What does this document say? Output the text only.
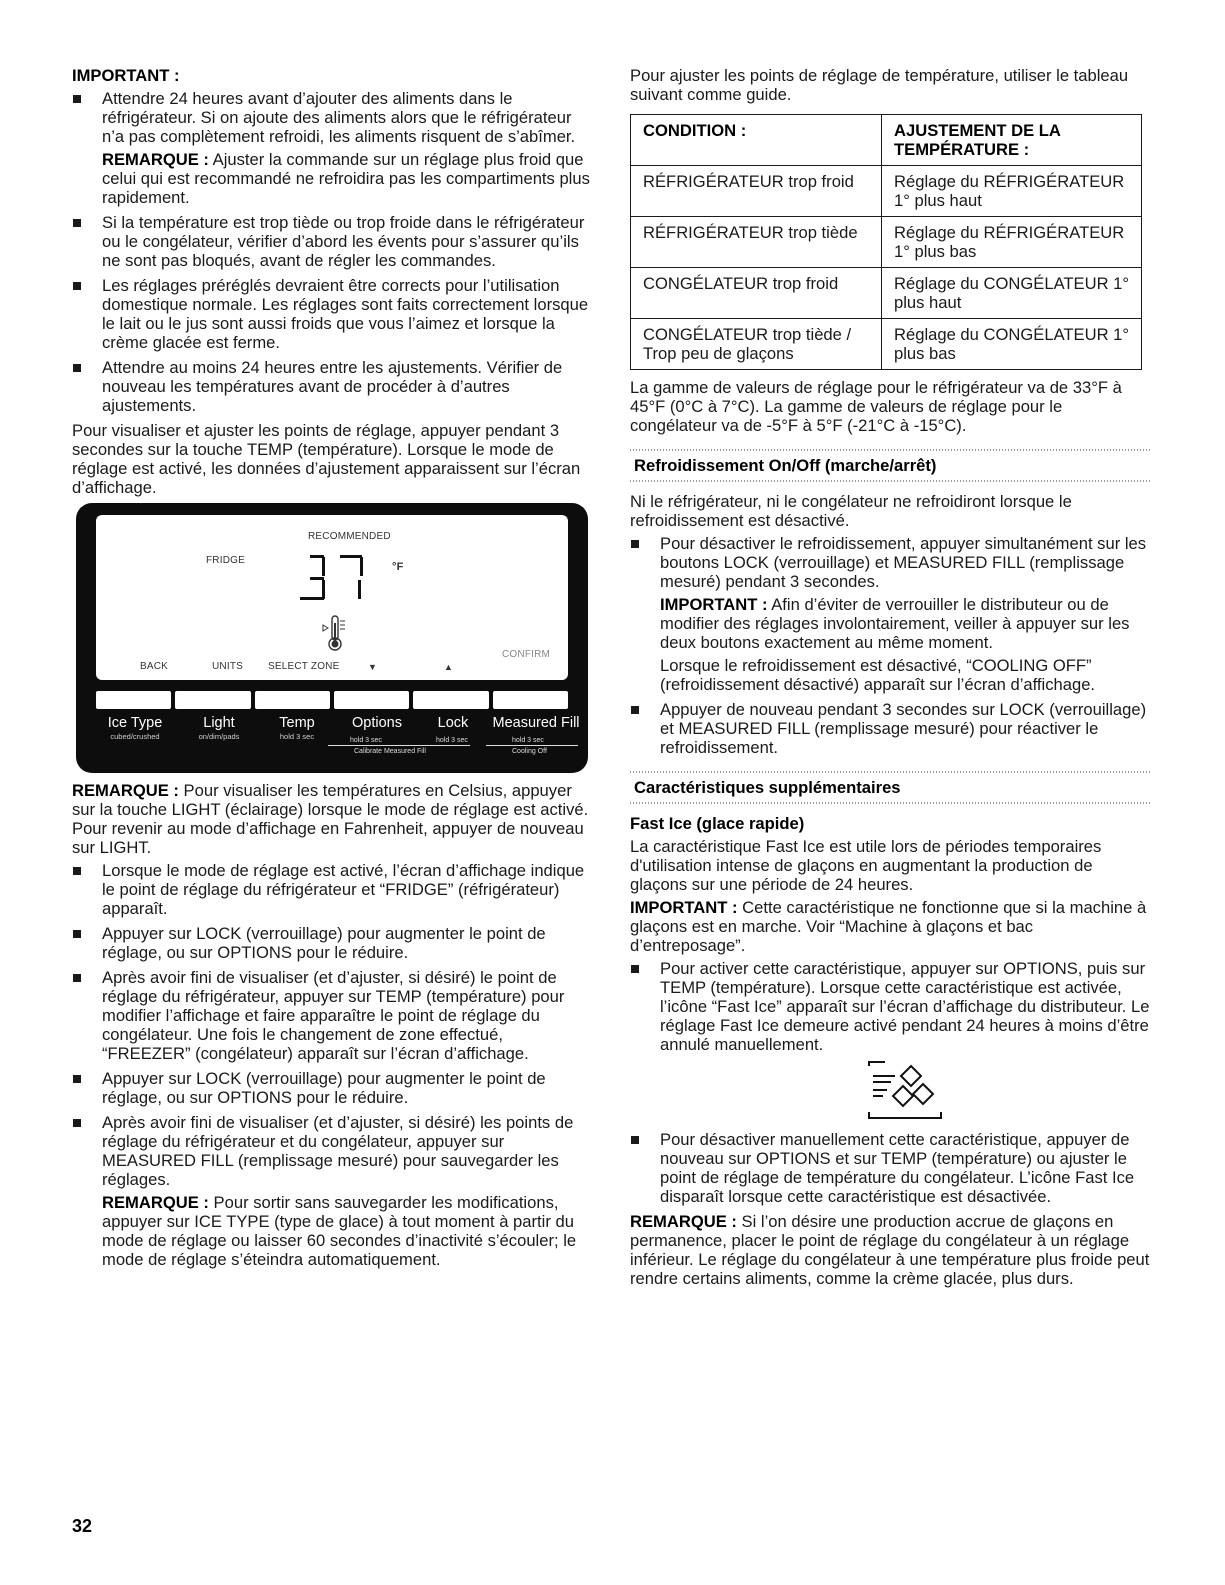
IMPORTANT :

Attendre 24 heures avant d’ajouter des aliments dans le réfrigérateur. Si on ajoute des aliments alors que le réfrigérateur n’a pas complètement refroidi, les aliments risquent de s’abîmer.

REMARQUE : Ajuster la commande sur un réglage plus froid que celui qui est recommandé ne refroidira pas les compartiments plus rapidement.

Si la température est trop tiède ou trop froide dans le réfrigérateur ou le congélateur, vérifier d’abord les évents pour s’assurer qu’ils ne sont pas bloqués, avant de régler les commandes.

Les réglages préréglés devraient être corrects pour l’utilisation domestique normale. Les réglages sont faits correctement lorsque le lait ou le jus sont aussi froids que vous l’aimez et lorsque la crème glacée est ferme.

Attendre au moins 24 heures entre les ajustements. Vérifier de nouveau les températures avant de procéder à d’autres ajustements.

Pour visualiser et ajuster les points de réglage, appuyer pendant 3 secondes sur la touche TEMP (température). Lorsque le mode de réglage est activé, les données d’ajustement apparaissent sur l’écran d’affichage.

RECOMMENDED
FRIDGE
°F
BACK	UNITS	SELECT ZONE	▼	▲
CONFIRM
Ice Type
cubed/crushed
Light
on/dim/pads
Temp
hold 3 sec
Options	Lock	Measured Fill
hold 3 sec	hold 3 sec	hold 3 sec
Calibrate Measured Fill	Cooling Off

REMARQUE : Pour visualiser les températures en Celsius, appuyer sur la touche LIGHT (éclairage) lorsque le mode de réglage est activé. Pour revenir au mode d’affichage en Fahrenheit, appuyer de nouveau sur LIGHT.

Lorsque le mode de réglage est activé, l’écran d’affichage indique le point de réglage du réfrigérateur et “FRIDGE” (réfrigérateur) apparaît.

Appuyer sur LOCK (verrouillage) pour augmenter le point de réglage, ou sur OPTIONS pour le réduire.

Après avoir fini de visualiser (et d’ajuster, si désiré) le point de réglage du réfrigérateur, appuyer sur TEMP (température) pour modifier l’affichage et faire apparaître le point de réglage du congélateur. Une fois le changement de zone effectué, “FREEZER” (congélateur) apparaît sur l’écran d’affichage.

Appuyer sur LOCK (verrouillage) pour augmenter le point de réglage, ou sur OPTIONS pour le réduire.

Après avoir fini de visualiser (et d’ajuster, si désiré) les points de réglage du réfrigérateur et du congélateur, appuyer sur MEASURED FILL (remplissage mesuré) pour sauvegarder les réglages.

REMARQUE : Pour sortir sans sauvegarder les modifications, appuyer sur ICE TYPE (type de glace) à tout moment à partir du mode de réglage ou laisser 60 secondes d’inactivité s’écouler; le mode de réglage s’éteindra automatiquement.

Pour ajuster les points de réglage de température, utiliser le tableau suivant comme guide.

CONDITION :	AJUSTEMENT DE LA TEMPÉRATURE :
RÉFRIGÉRATEUR trop froid	Réglage du RÉFRIGÉRATEUR 1° plus haut
RÉFRIGÉRATEUR trop tiède	Réglage du RÉFRIGÉRATEUR 1° plus bas
CONGÉLATEUR trop froid	Réglage du CONGÉLATEUR 1° plus haut
CONGÉLATEUR trop tiède / Trop peu de glaçons	Réglage du CONGÉLATEUR 1° plus bas

La gamme de valeurs de réglage pour le réfrigérateur va de 33°F à 45°F (0°C à 7°C). La gamme de valeurs de réglage pour le congélateur va de -5°F à 5°F (-21°C à -15°C).

Refroidissement On/Off (marche/arrêt)

Ni le réfrigérateur, ni le congélateur ne refroidiront lorsque le refroidissement est désactivé.

Pour désactiver le refroidissement, appuyer simultanément sur les boutons LOCK (verrouillage) et MEASURED FILL (remplissage mesuré) pendant 3 secondes.

IMPORTANT : Afin d’éviter de verrouiller le distributeur ou de modifier des réglages involontairement, veiller à appuyer sur les deux boutons exactement au même moment.

Lorsque le refroidissement est désactivé, “COOLING OFF” (refroidissement désactivé) apparaît sur l’écran d’affichage.

Appuyer de nouveau pendant 3 secondes sur LOCK (verrouillage) et MEASURED FILL (remplissage mesuré) pour réactiver le refroidissement.

Caractéristiques supplémentaires

Fast Ice (glace rapide)

La caractéristique Fast Ice est utile lors de périodes temporaires d'utilisation intense de glaçons en augmentant la production de glaçons sur une période de 24 heures.

IMPORTANT : Cette caractéristique ne fonctionne que si la machine à glaçons est en marche. Voir “Machine à glaçons et bac d’entreposage”.

Pour activer cette caractéristique, appuyer sur OPTIONS, puis sur TEMP (température). Lorsque cette caractéristique est activée, l’icône “Fast Ice” apparaît sur l’écran d’affichage du distributeur. Le réglage Fast Ice demeure activé pendant 24 heures à moins d’être annulé manuellement.

Pour désactiver manuellement cette caractéristique, appuyer de nouveau sur OPTIONS et sur TEMP (température) ou ajuster le point de réglage de température du congélateur. L’icône Fast Ice disparaît lorsque cette caractéristique est désactivée.

REMARQUE : Si l’on désire une production accrue de glaçons en permanence, placer le point de réglage du congélateur à un réglage inférieur. Le réglage du congélateur à une température plus froide peut rendre certains aliments, comme la crème glacée, plus durs.

32
